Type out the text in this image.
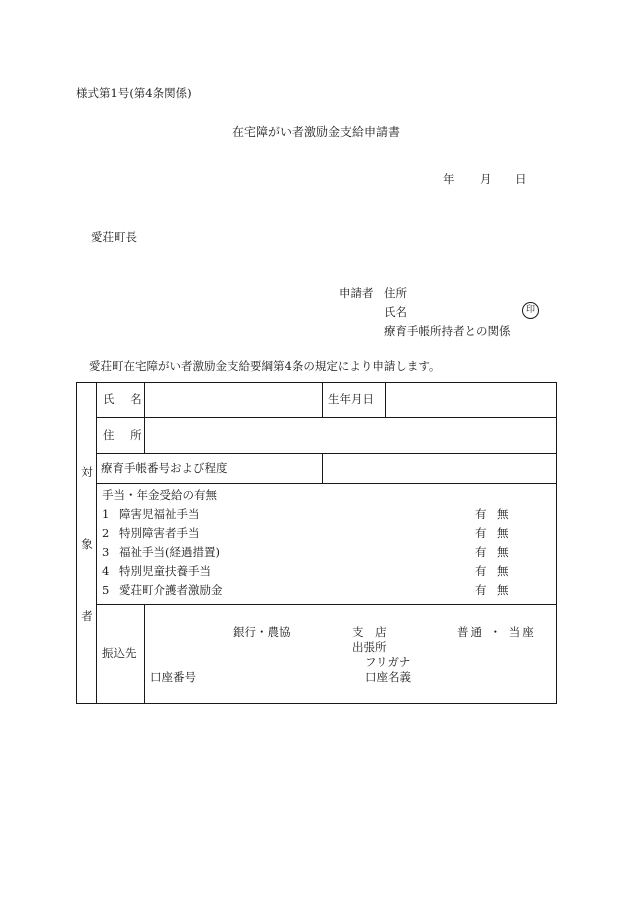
様式第1号(第4条関係)
在宅障がい者激励金支給申請書
年 月 日
愛荘町長
申請者 住所
氏名	印
療育手帳所持者との関係
愛荘町在宅障がい者激励金支給要綱第4条の規定により申請します。
対
象
者
氏 名	生年月日
住 所
療育手帳番号および程度
手当・年金受給の有無
1 障害児福祉手当	有 無
2 特別障害者手当	有 無
3 福祉手当(経過措置)	有 無
4 特別児童扶養手当	有 無
5 愛荘町介護者激励金	有 無
振込先
銀行・農協	支 店	普通 ・ 当座
出張所
フリガナ
口座番号	口座名義
